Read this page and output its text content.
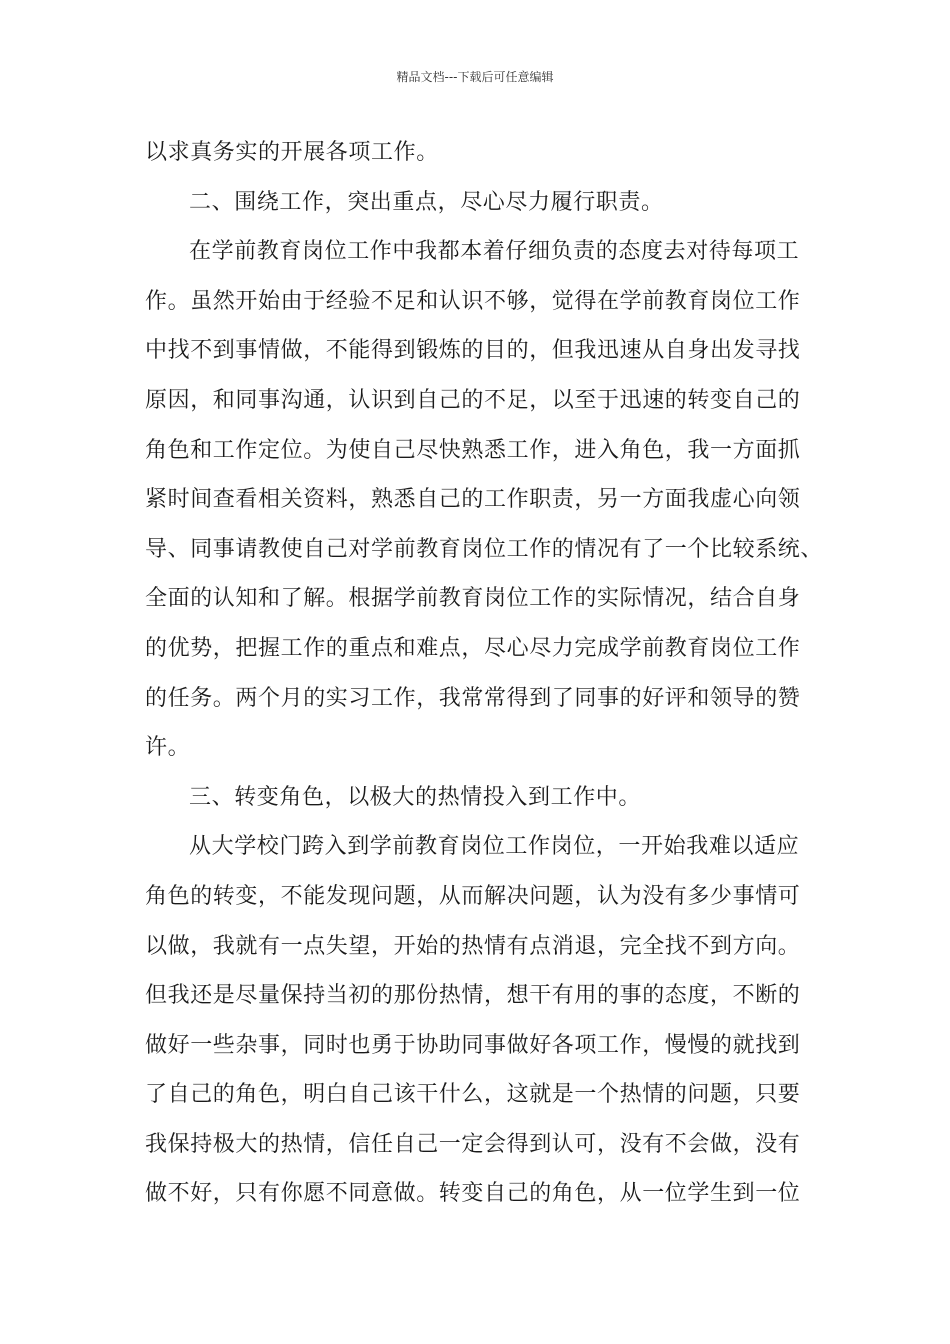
精品文档---下载后可任意编辑
以求真务实的开展各项工作。
二、围绕工作，突出重点，尽心尽力履行职责。
在学前教育岗位工作中我都本着仔细负责的态度去对待每项工
作。虽然开始由于经验不足和认识不够，觉得在学前教育岗位工作
中找不到事情做，不能得到锻炼的目的，但我迅速从自身出发寻找
原因，和同事沟通，认识到自己的不足，以至于迅速的转变自己的
角色和工作定位。为使自己尽快熟悉工作，进入角色，我一方面抓
紧时间查看相关资料，熟悉自己的工作职责，另一方面我虚心向领
导、同事请教使自己对学前教育岗位工作的情况有了一个比较系统、
全面的认知和了解。根据学前教育岗位工作的实际情况，结合自身
的优势，把握工作的重点和难点，尽心尽力完成学前教育岗位工作
的任务。两个月的实习工作，我常常得到了同事的好评和领导的赞
许。
三、转变角色，以极大的热情投入到工作中。
从大学校门跨入到学前教育岗位工作岗位，一开始我难以适应
角色的转变，不能发现问题，从而解决问题，认为没有多少事情可
以做，我就有一点失望，开始的热情有点消退，完全找不到方向。
但我还是尽量保持当初的那份热情，想干有用的事的态度，不断的
做好一些杂事，同时也勇于协助同事做好各项工作，慢慢的就找到
了自己的角色，明白自己该干什么，这就是一个热情的问题，只要
我保持极大的热情，信任自己一定会得到认可，没有不会做，没有
做不好，只有你愿不同意做。转变自己的角色，从一位学生到一位
